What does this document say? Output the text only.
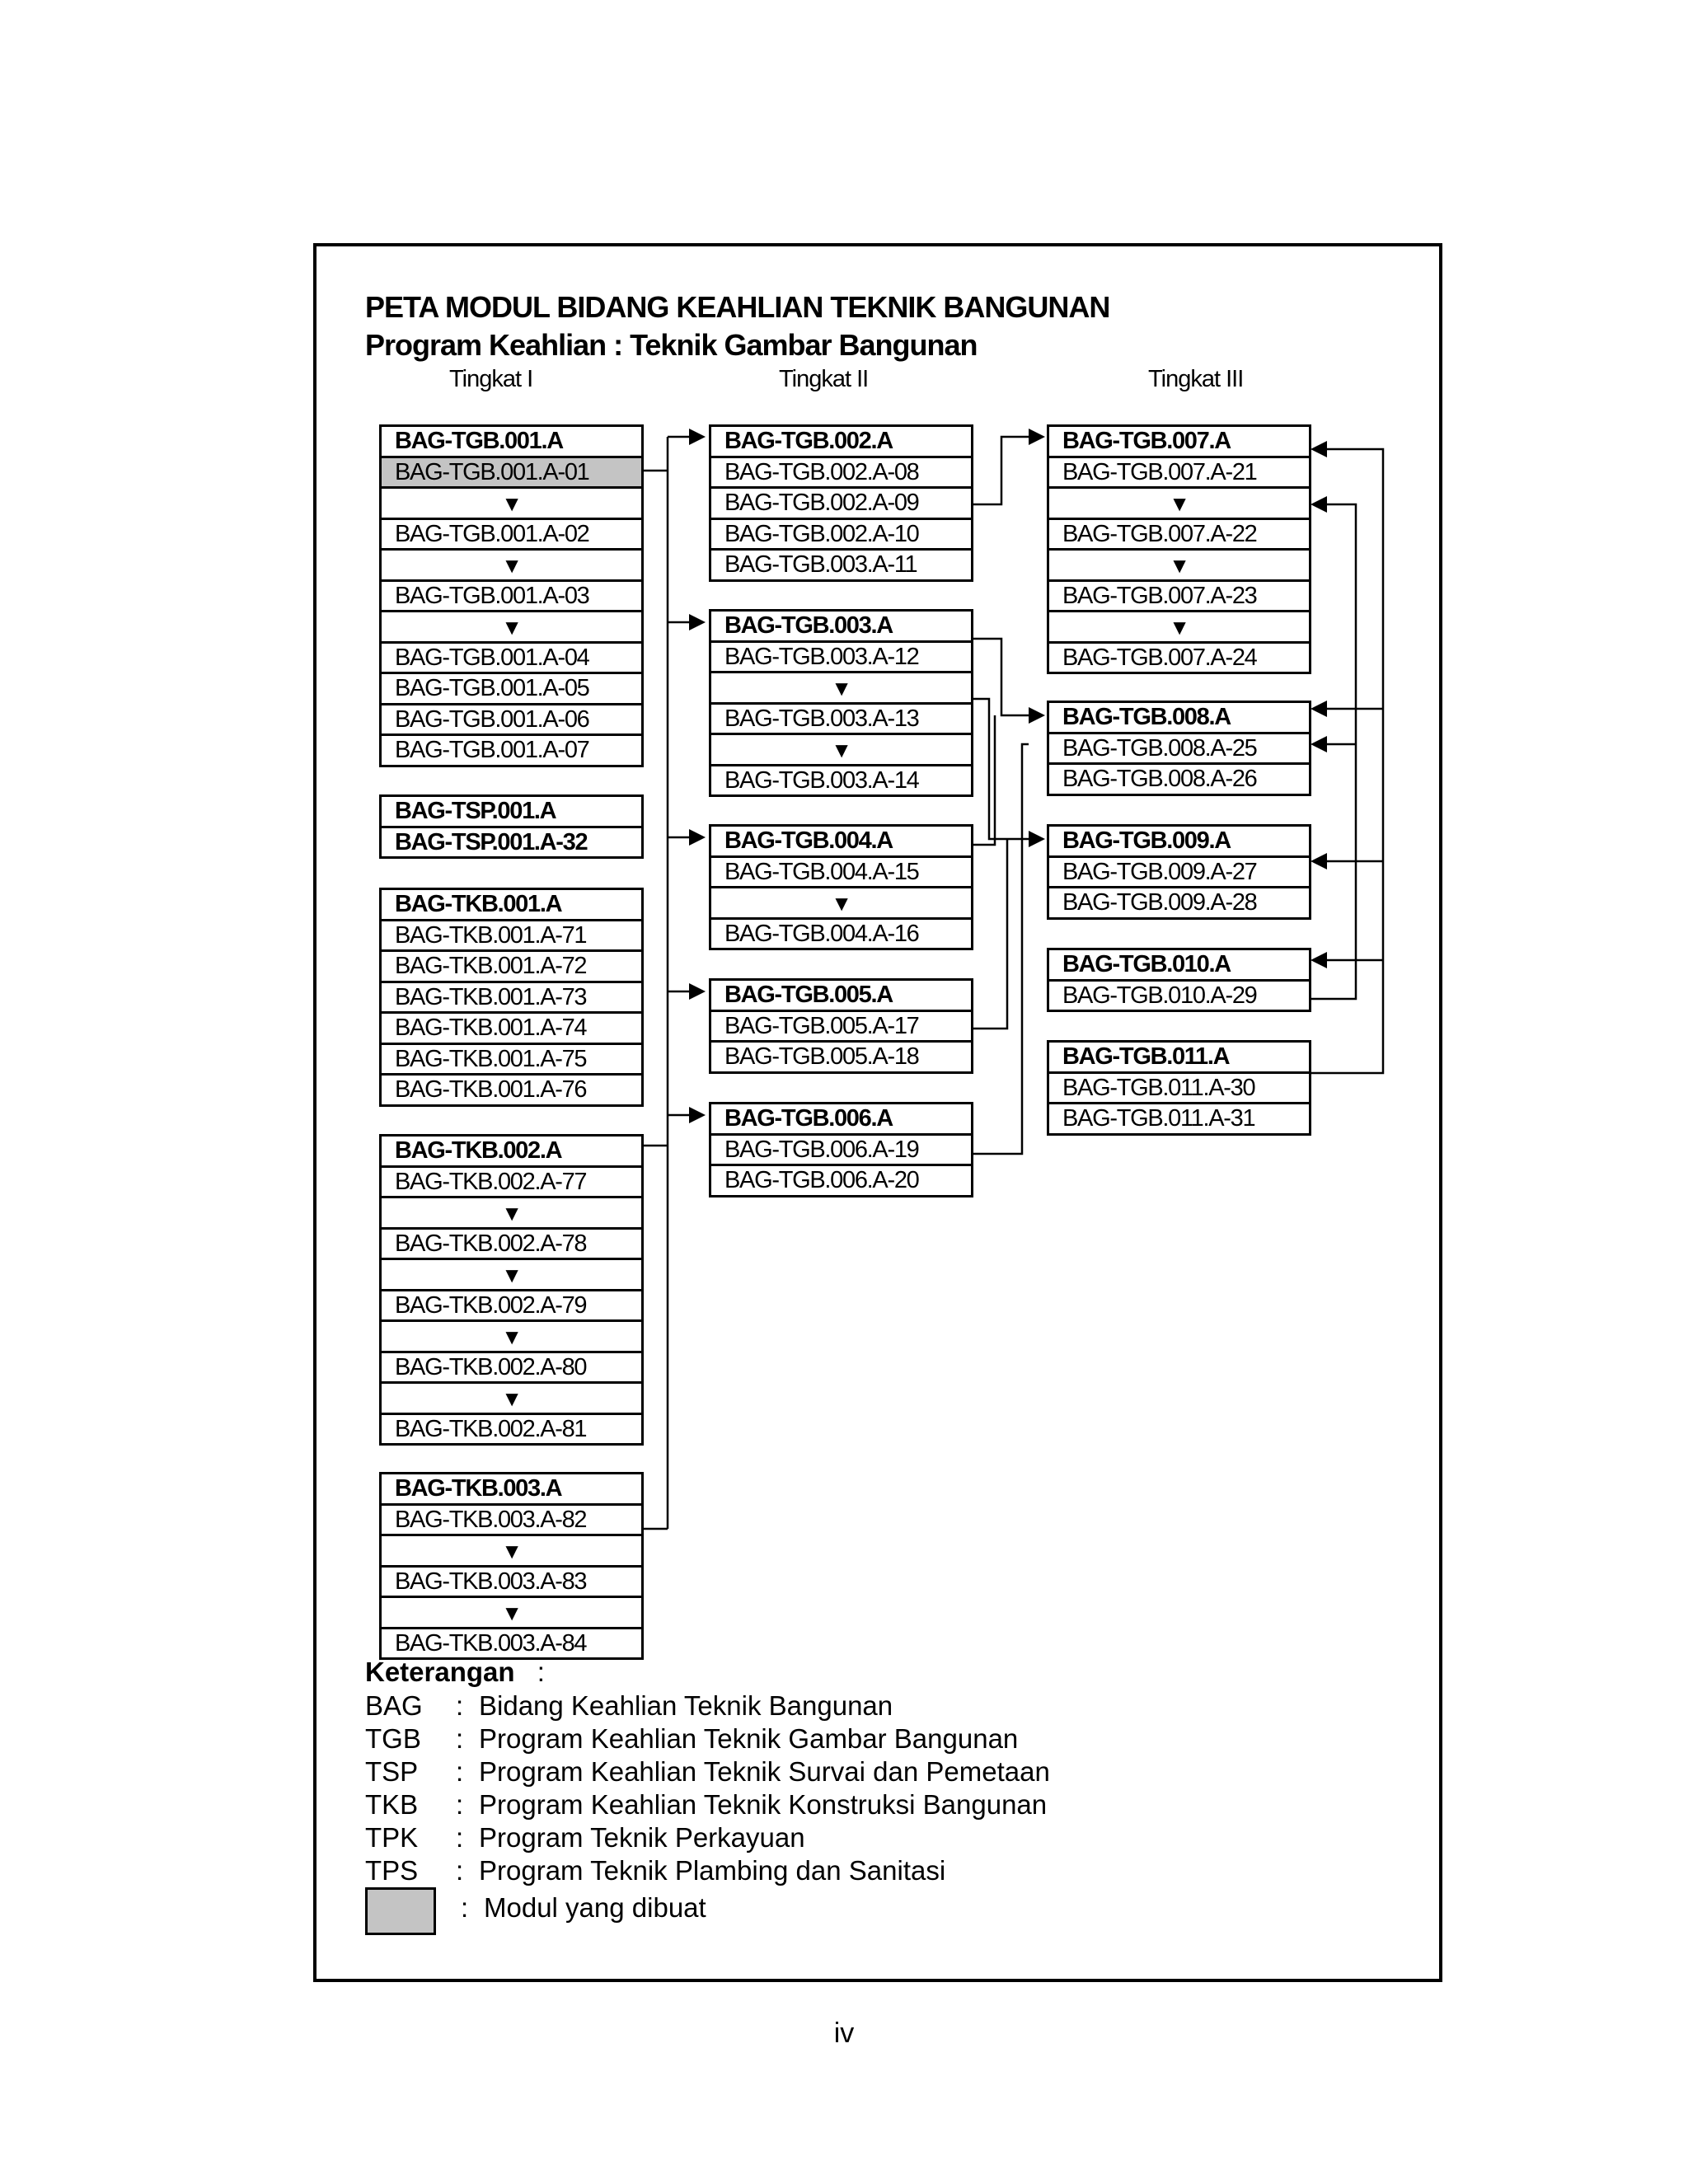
PETA MODUL BIDANG KEAHLIAN TEKNIK BANGUNAN
Program Keahlian : Teknik Gambar Bangunan
Tingkat I	Tingkat II	Tingkat III
BAG-TGB.001.A
BAG-TGB.001.A-01
▼
BAG-TGB.001.A-02
▼
BAG-TGB.001.A-03
▼
BAG-TGB.001.A-04
BAG-TGB.001.A-05
BAG-TGB.001.A-06
BAG-TGB.001.A-07
BAG-TSP.001.A
BAG-TSP.001.A-32
BAG-TKB.001.A
BAG-TKB.001.A-71
BAG-TKB.001.A-72
BAG-TKB.001.A-73
BAG-TKB.001.A-74
BAG-TKB.001.A-75
BAG-TKB.001.A-76
BAG-TKB.002.A
BAG-TKB.002.A-77
▼
BAG-TKB.002.A-78
▼
BAG-TKB.002.A-79
▼
BAG-TKB.002.A-80
▼
BAG-TKB.002.A-81
BAG-TKB.003.A
BAG-TKB.003.A-82
▼
BAG-TKB.003.A-83
▼
BAG-TKB.003.A-84
BAG-TGB.002.A
BAG-TGB.002.A-08
BAG-TGB.002.A-09
BAG-TGB.002.A-10
BAG-TGB.003.A-11
BAG-TGB.003.A
BAG-TGB.003.A-12
▼
BAG-TGB.003.A-13
▼
BAG-TGB.003.A-14
BAG-TGB.004.A
BAG-TGB.004.A-15
▼
BAG-TGB.004.A-16
BAG-TGB.005.A
BAG-TGB.005.A-17
BAG-TGB.005.A-18
BAG-TGB.006.A
BAG-TGB.006.A-19
BAG-TGB.006.A-20
BAG-TGB.007.A
BAG-TGB.007.A-21
▼
BAG-TGB.007.A-22
▼
BAG-TGB.007.A-23
▼
BAG-TGB.007.A-24
BAG-TGB.008.A
BAG-TGB.008.A-25
BAG-TGB.008.A-26
BAG-TGB.009.A
BAG-TGB.009.A-27
BAG-TGB.009.A-28
BAG-TGB.010.A
BAG-TGB.010.A-29
BAG-TGB.011.A
BAG-TGB.011.A-30
BAG-TGB.011.A-31
Keterangan :
BAG : Bidang Keahlian Teknik Bangunan
TGB : Program Keahlian Teknik Gambar Bangunan
TSP : Program Keahlian Teknik Survai dan Pemetaan
TKB : Program Keahlian Teknik Konstruksi Bangunan
TPK : Program Teknik Perkayuan
TPS : Program Teknik Plambing dan Sanitasi
: Modul yang dibuat
iv
